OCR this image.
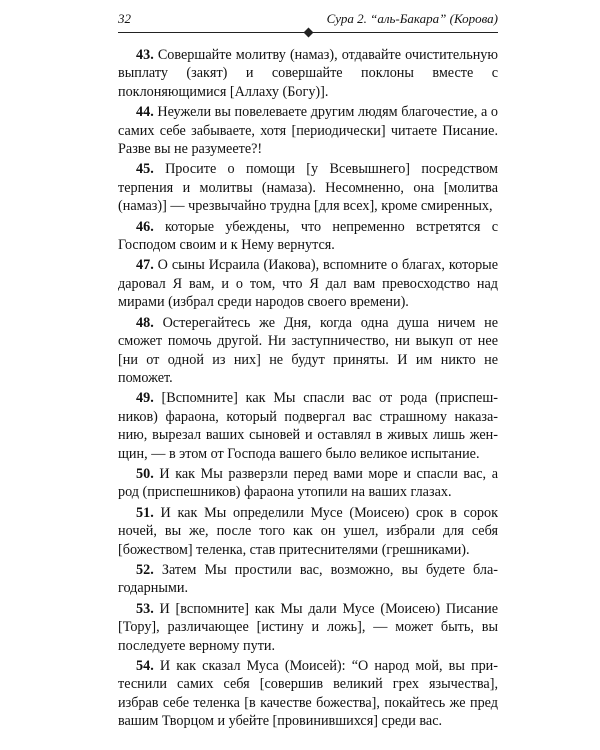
32	Сура 2. “аль-Бакара” (Корова)

43. Совершайте молитву (намаз), отдавайте очистительную выплату (закят) и совершайте поклоны вместе с поклоняющимися [Аллаху (Богу)].

44. Неужели вы повелеваете другим людям благочестие, а о самих себе забываете, хотя [периодически] читаете Писание. Разве вы не разумеете?!

45. Просите о помощи [у Всевышнего] посредством терпения и молитвы (намаза). Несомненно, она [молитва (намаз)] — чрезвычайно трудна [для всех], кроме смиренных,

46. которые убеждены, что непременно встретятся с Господом своим и к Нему вернутся.

47. О сыны Исраила (Иакова), вспомните о благах, которые даровал Я вам, и о том, что Я дал вам превосходство над мирами (избрал среди народов своего времени).

48. Остерегайтесь же Дня, когда одна душа ничем не сможет помочь другой. Ни заступничество, ни выкуп от нее [ни от одной из них] не будут приняты. И им никто не поможет.

49. [Вспомните] как Мы спасли вас от рода (приспешников) фараона, который подвергал вас страшному наказанию, вырезал ваших сыновей и оставлял в живых лишь женщин, — в этом от Господа вашего было великое испытание.

50. И как Мы разверзли перед вами море и спасли вас, а род (приспешников) фараона утопили на ваших глазах.

51. И как Мы определили Мусе (Моисею) срок в сорок ночей, вы же, после того как он ушел, избрали для себя [божеством] теленка, став притеснителями (грешниками).

52. Затем Мы простили вас, возможно, вы будете благодарными.

53. И [вспомните] как Мы дали Мусе (Моисею) Писание [Тору], различающее [истину и ложь], — может быть, вы последуете верному пути.

54. И как сказал Муса (Моисей): “О народ мой, вы притеснили самих себя [совершив великий грех язычества], избрав себе теленка [в качестве божества], покайтесь же пред вашим Творцом и убейте [провинившихся] среди вас.
